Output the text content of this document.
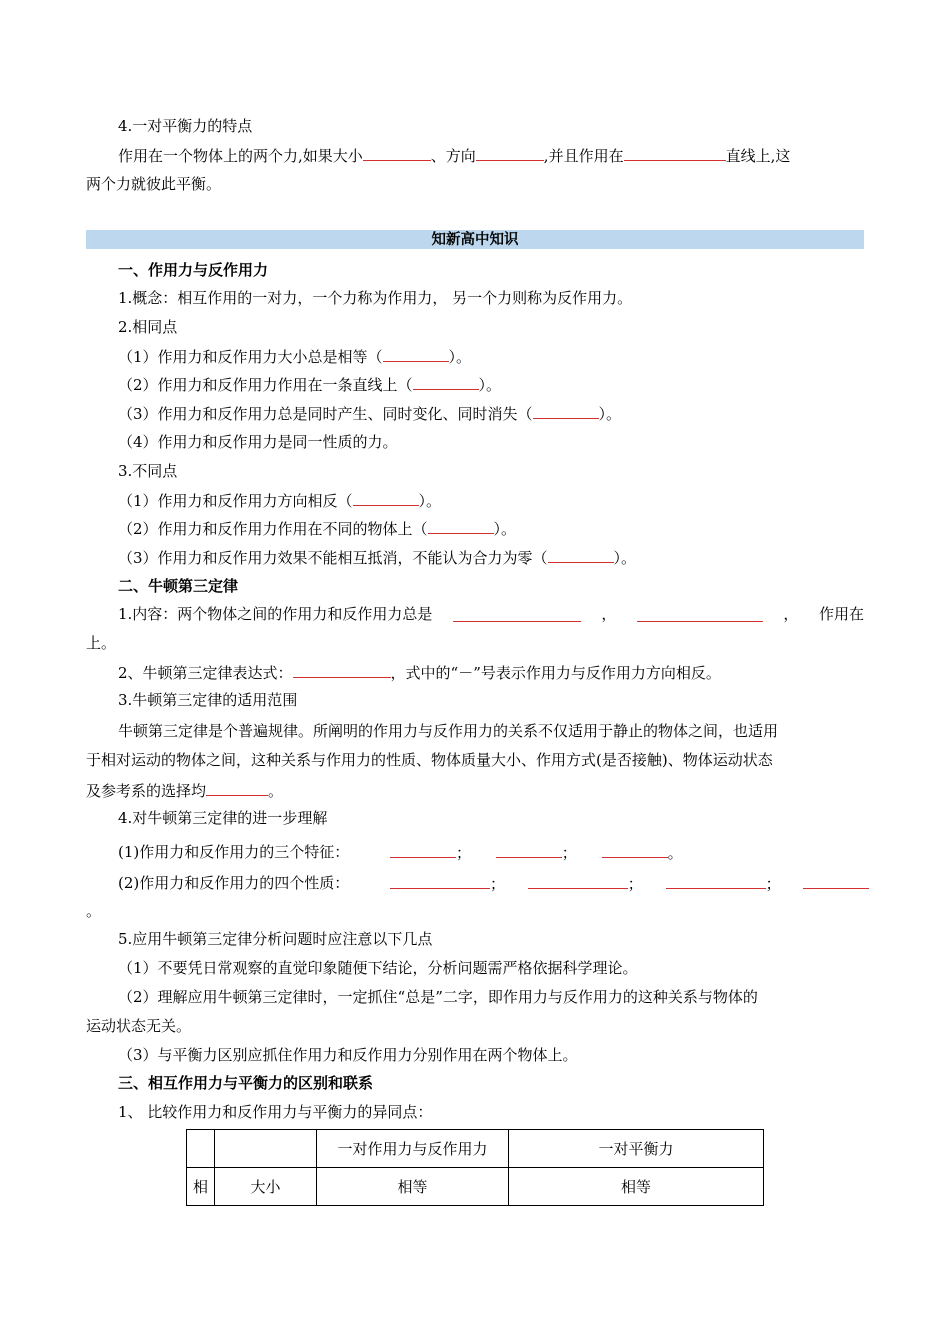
4.一对平衡力的特点
作用在一个物体上的两个力,如果大小	、方向	,并且作用在	直线上,这
两个力就彼此平衡。
知新高中知识
一、作用力与反作用力
1.概念：相互作用的一对力，一个力称为作用力， 另一个力则称为反作用力。
2.相同点
（1）作用力和反作用力大小总是相等（	）。
（2）作用力和反作用力作用在一条直线上（	）。
（3）作用力和反作用力总是同时产生、同时变化、同时消失（	）。
（4）作用力和反作用力是同一性质的力。
3.不同点
（1）作用力和反作用力方向相反（	）。
（2）作用力和反作用力作用在不同的物体上（	）。
（3）作用力和反作用力效果不能相互抵消，不能认为合力为零（	）。
二、牛顿第三定律
1.内容：两个物体之间的作用力和反作用力总是	，	， 作用在
上。
2、牛顿第三定律表达式：	，式中的“－”号表示作用力与反作用力方向相反。
3.牛顿第三定律的适用范围
牛顿第三定律是个普遍规律。所阐明的作用力与反作用力的关系不仅适用于静止的物体之间，也适用
于相对运动的物体之间，这种关系与作用力的性质、物体质量大小、作用方式(是否接触)、物体运动状态
及参考系的选择均	。
4.对牛顿第三定律的进一步理解
(1)作用力和反作用力的三个特征：	；	；	。
(2)作用力和反作用力的四个性质：	；	；	；
。
5.应用牛顿第三定律分析问题时应注意以下几点
（1）不要凭日常观察的直觉印象随便下结论，分析问题需严格依据科学理论。
（2）理解应用牛顿第三定律时，一定抓住“总是”二字，即作用力与反作用力的这种关系与物体的
运动状态无关。
（3）与平衡力区别应抓住作用力和反作用力分别作用在两个物体上。
三、相互作用力与平衡力的区别和联系
1、 比较作用力和反作用力与平衡力的异同点：
		一对作用力与反作用力	一对平衡力
相	大小	相等	相等
